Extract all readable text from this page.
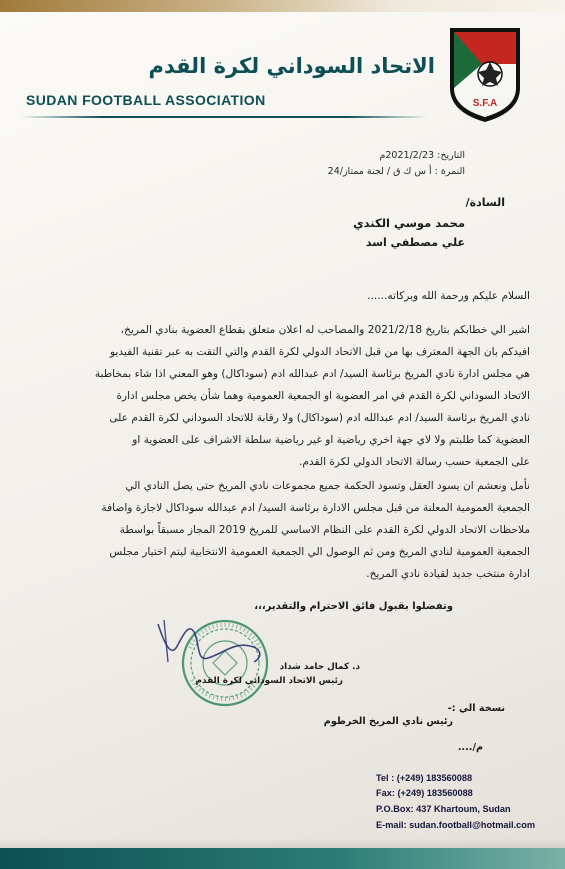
الاتحاد السوداني لكرة القدم
SUDAN FOOTBALL ASSOCIATION	S.F.A
التاريخ: 2021/2/23م
النمرة : أ س ك ق / لجنة ممتاز/24
السادة/
محمد موسي الكندي
علي مصطفي اسد
السلام عليكم ورحمة الله وبركاته......
اشير الي خطابكم بتاريخ 2021/2/18 والمصاحب له اعلان متعلق بقطاع العضوية بنادي المريخ،
افيدكم بان الجهة المعترف بها من قبل الاتحاد الدولي لكرة القدم والتي التقت به عبر تقنية الفيديو
هي مجلس ادارة نادي المريخ برئاسة السيد/ ادم عبدالله ادم (سوداكال) وهو المعني اذا شاء بمخاطبة
الاتحاد السوداني لكرة القدم في امر العضوية او الجمعية العمومية وهما شأن يخص مجلس ادارة
نادي المريخ برئاسة السيد/ ادم عبدالله ادم (سوداكال) ولا رقابة للاتحاد السوداني لكرة القدم على
العضوية كما طلبتم ولا لاي جهة اخري رياضية او غير رياضية سلطة الاشراف على العضوية او
على الجمعية حسب رسالة الاتحاد الدولي لكرة القدم.
نأمل ونعشم ان يسود العقل وتسود الحكمة جميع مجموعات نادي المريخ حتى يصل النادي الي
الجمعية العمومية المعلنة من قبل مجلس الادارة برئاسة السيد/ ادم عبدالله سوداكال لاجازة واضافة
ملاحظات الاتحاد الدولي لكرة القدم على النظام الاساسي للمريخ 2019 المجاز مسبقاً بواسطة
الجمعية العمومية لنادي المريخ ومن ثم الوصول الي الجمعية العمومية الانتخابية ليتم اختيار مجلس
ادارة منتخب جديد لقيادة نادي المريخ.
وتفضلوا بقبول فائق الاحترام والتقدير،،،
د. كمال حامد شداد
رئيس الاتحاد السوداني لكرة القدم
نسخة الي :-
رئيس نادي المريخ الخرطوم
م/....
Tel : (+249) 183560088
Fax: (+249) 183560088
P.O.Box: 437 Khartoum, Sudan
E-mail: sudan.football@hotmail.com
